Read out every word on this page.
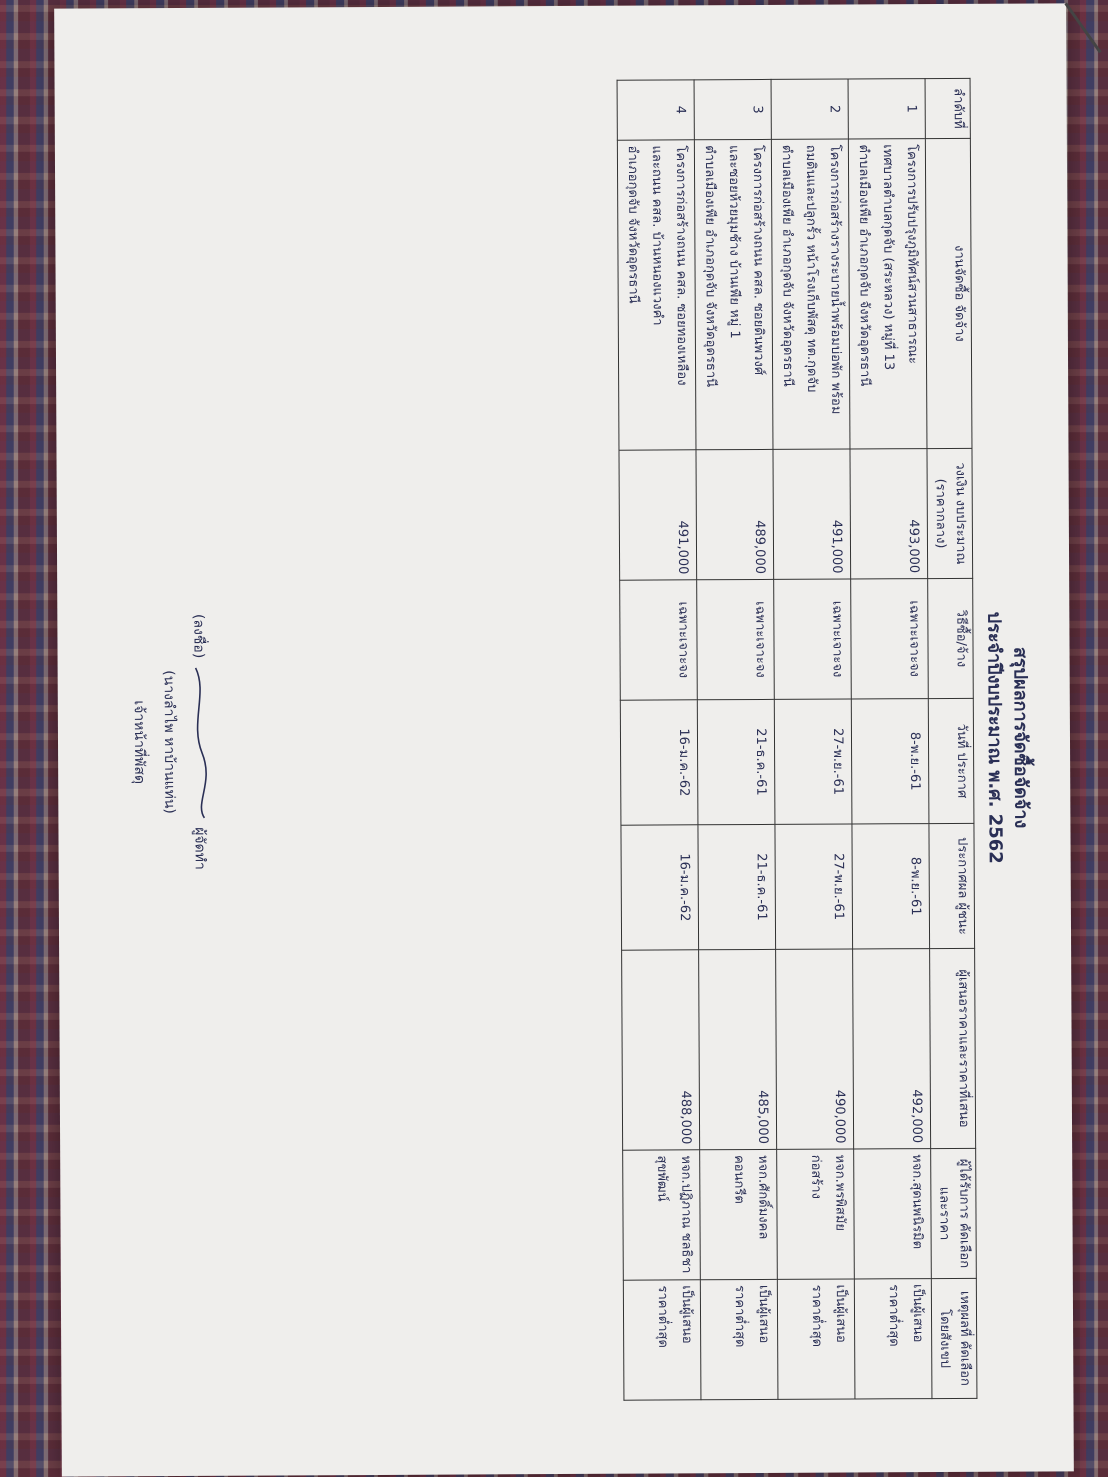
สรุปผลการจัดซื้อจัดจ้าง
ประจำปีงบประมาณ พ.ศ. 2562
ลำดับที่	งานจัดซื้อ จัดจ้าง	วงเงิน งบประมาณ (ราคากลาง)	วิธีซื้อ/จ้าง	วันที่ ประกาศ	ประกาศผล ผู้ชนะ	ผู้เสนอราคาและราคาที่เสนอ	ผู้ได้รับการ คัดเลือกและราคา	เหตุผลที่ คัดเลือก โดยสังเขป

1	โครงการปรับปรุงภูมิทัศน์สวนสาธารณะ
เทศบาลตำบลกุดจับ (สระหลวง) หมู่ที่ 13
ตำบลเมืองเพีย อำเภอกุดจับ จังหวัดอุดรธานี	493,000	เฉพาะเจาะจง	8-พ.ย.-61	8-พ.ย.-61	492,000	หจก.สุดนพนิรมิต	เป็นผู้เสนอ
ราคาต่ำสุด

2	โครงการก่อสร้างรางระบายน้ำพร้อมบ่อพัก พร้อม
ถมดินและปลูกรั้ว หน้าโรงเก็บพัสดุ ทต.กุดจับ
ตำบลเมืองเพีย อำเภอกุดจับ จังหวัดอุดรธานี	491,000	เฉพาะเจาะจง	27-พ.ย.-61	27-พ.ย.-61	490,000	หจก.พรพิสมัย
ก่อสร้าง	เป็นผู้เสนอ
ราคาต่ำสุด

3	โครงการก่อสร้างถนน คสล. ซอยดินพวงศ์
และซอยห้วยมุมช้าง บ้านเพีย หมู่ 1
ตำบลเมืองเพีย อำเภอกุดจับ จังหวัดอุดรธานี	489,000	เฉพาะเจาะจง	21-ธ.ค.-61	21-ธ.ค.-61	485,000	หจก.ศักดิ์มงคล
คอนกรีต	เป็นผู้เสนอ
ราคาต่ำสุด

4	โครงการก่อสร้างถนน คสล. ซอยทองเหลือง
และถนน คสล. บ้านหนองแวงคำ
อำเภอกุดจับ จังหวัดอุดรธานี	491,000	เฉพาะเจาะจง	16-ม.ค.-62	16-ม.ค.-62	488,000	หจก.ปฏิภาณ ชลธิชา
สุขพัฒน์	เป็นผู้เสนอ
ราคาต่ำสุด
(ลงชื่อ)  ผู้จัดทำ
(นางลำไพ หาบ้านแท่น)
เจ้าหน้าที่พัสดุ
